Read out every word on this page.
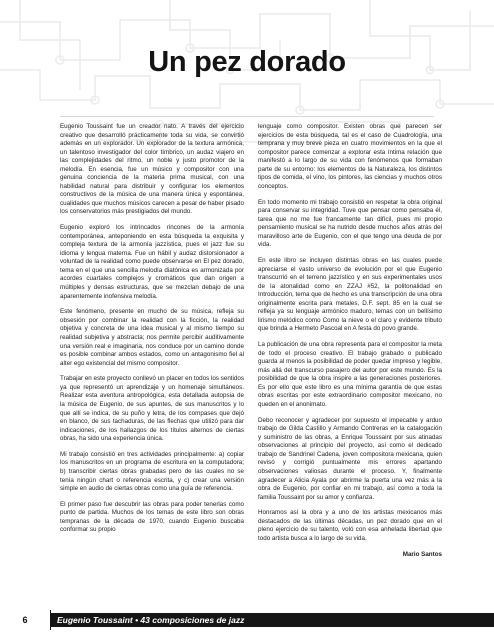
Un pez dorado

Eugenio Toussaint fue un creador nato. A través del ejercicio creativo que desarrolló prácticamente toda su vida, se convirtió además en un explorador. Un explorador de la textura armónica, un talentoso investigador del color tímbrico, un audaz viajero en las complejidades del ritmo, un noble y justo promotor de la melodía. En esencia, fue un músico y compositor con una genuina conciencia de la materia prima musical, con una habilidad natural para distribuir y configurar los elementos constructivos de la música de una manera única y espontánea, cualidades que muchos músicos carecen a pesar de haber pisado los conservatorios más prestigiados del mundo.

Eugenio exploró los intrincados rincones de la armonía contemporánea, anteponiendo en esta búsqueda la exquisita y compleja textura de la armonía jazzística, pues el jazz fue su idioma y lengua materna. Fue un hábil y audaz distorsionador a voluntad de la realidad como puede observarse en El pez dorado, tema en el que una sencilla melodía diatónica es armonizada por acordes cuartales complejos y cromáticos que dan origen a múltiples y densas estructuras, que se mezclan debajo de una aparentemente inofensiva melodía.

Este fenómeno, presente en mucho de su música, refleja su obsesión por combinar la realidad con la ficción, la realidad objetiva y concreta de una idea musical y al mismo tiempo su realidad subjetiva y abstracta; nos permite percibir auditivamente una versión real e imaginaria, nos conduce por un camino donde es posible combinar ambos estados, como un antagonismo fiel al alter ego existencial del mismo compositor.

Trabajar en este proyecto conllevó un placer en todos los sentidos ya que representó un aprendizaje y un homenaje simultáneos. Realizar esta aventura antropológica, esta detallada autopsia de la música de Eugenio, de sus apuntes, de sus manuscritos y lo que allí se indica, de su puño y letra, de los compases que dejó en blanco, de sus tachaduras, de las flechas que utilizó para dar indicaciones, de los hallazgos de los títulos alternos de ciertas obras, ha sido una experiencia única.

Mi trabajo consistió en tres actividades principalmente: a) copiar los manuscritos en un programa de escritura en la computadora; b) transcribir ciertas obras grabadas pero de las cuales no se tenía ningún chart o referencia escrita, y c) crear una versión simple en audio de ciertas obras como una guía de referencia.

El primer paso fue descubrir las obras para poder tenerlas como punto de partida. Muchos de los temas de este libro son obras tempranas de la década de 1970, cuando Eugenio buscaba conformar su propio

lenguaje como compositor. Existen obras que parecen ser ejercicios de esta búsqueda, tal es el caso de Cuadrología, una temprana y muy breve pieza en cuatro movimientos en la que el compositor parece comenzar a explorar esta íntima relación que manifestó a lo largo de su vida con fenómenos que formaban parte de su entorno: los elementos de la Naturaleza, los distintos tipos de comida, el vino, los pintores, las ciencias y muchos otros conceptos.

En todo momento mi trabajo consistió en respetar la obra original para conservar su integridad. Tuve que pensar como pensaba él, tarea que no me fue francamente tan difícil, pues mi propio pensamiento musical se ha nutrido desde muchos años atrás del maravilloso arte de Eugenio, con el que tengo una deuda de por vida.

En este libro se incluyen distintas obras en las cuales puede apreciarse el vasto universo de evolución por el que Eugenio transcurrió en el terreno jazzístico y en sus experimentales usos de la atonalidad como en ZZAJ #52, la politonalidad en Introducción, tema que de hecho es una transcripción de una obra originalmente escrita para metales, D.F. sept. 85 en la cual se refleja ya su lenguaje armónico maduro, temas con un bellísimo lirismo melódico como Como la nieve o el claro y evidente tributo que brinda a Hermeto Pascoal en A festa do povo grande.

La publicación de una obra representa para el compositor la meta de todo el proceso creativo. El trabajo grabado o publicado guarda al menos la posibilidad de poder quedar impreso y legible, más allá del transcurso pasajero del autor por este mundo. Es la posibilidad de que la obra inspire a las generaciones posteriores. Es por ello que este libro es una mínima garantía de que estas obras escritas por este extraordinario compositor mexicano, no queden en el anonimato.

Debo reconocer y agradecer por supuesto el impecable y arduo trabajo de Gilda Castillo y Armando Contreras en la catalogación y suministro de las obras, a Enrique Toussaint por sus atinadas observaciones al principio del proyecto, así como el dedicado trabajo de Sandrinel Cadena, joven compositora mexicana, quien revisó y corrigió puntualmente mis errores apartando observaciones valiosas durante el proceso. Y, finalmente agradecer a Alicia Ayala por abrirme la puerta una vez más a la obra de Eugenio, por confiar en mi trabajo, así como a toda la familia Toussaint por su amor y confianza.

Honramos así la obra y a uno de los artistas mexicanos más destacados de las últimas décadas, un pez dorado que en el pleno ejercicio de su talento, voló con esa anhelada libertad que todo artista busca a lo largo de su vida.

Mario Santos
6	Eugenio Toussaint • 43 composiciones de jazz
